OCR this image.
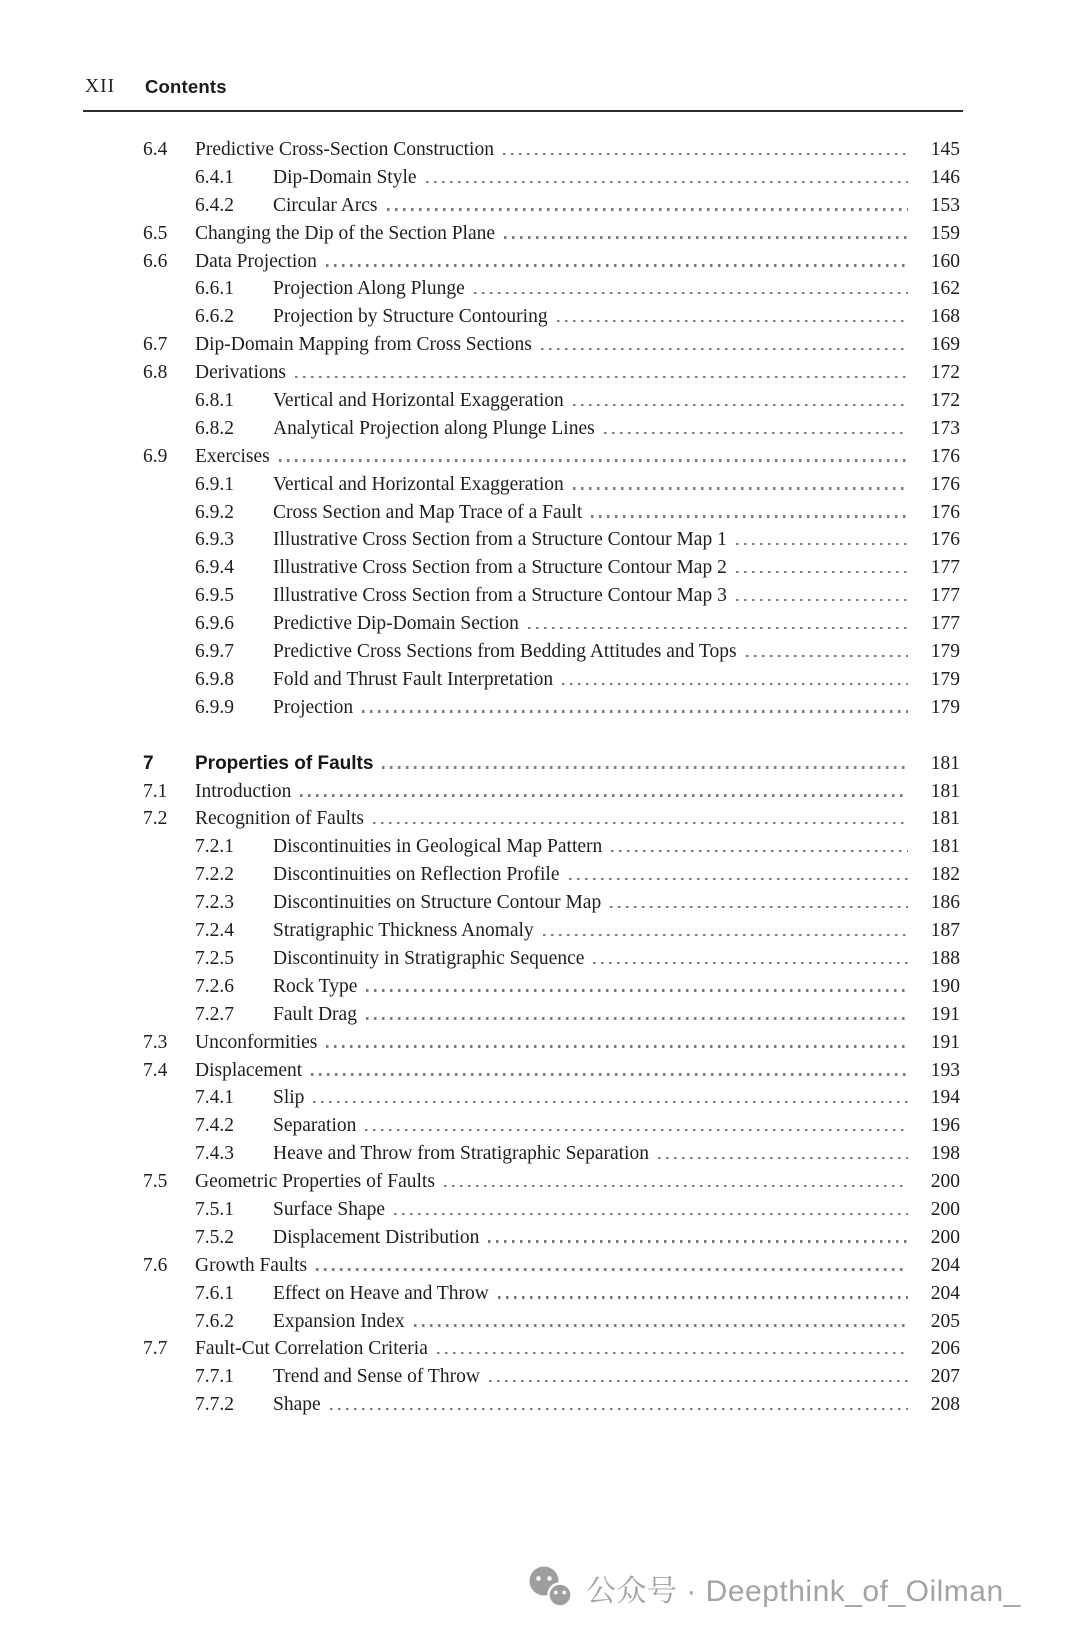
XII Contents
6.4	Predictive Cross-Section Construction	145
6.4.1	Dip-Domain Style	146
6.4.2	Circular Arcs	153
6.5	Changing the Dip of the Section Plane	159
6.6	Data Projection	160
6.6.1	Projection Along Plunge	162
6.6.2	Projection by Structure Contouring	168
6.7	Dip-Domain Mapping from Cross Sections	169
6.8	Derivations	172
6.8.1	Vertical and Horizontal Exaggeration	172
6.8.2	Analytical Projection along Plunge Lines	173
6.9	Exercises	176
6.9.1	Vertical and Horizontal Exaggeration	176
6.9.2	Cross Section and Map Trace of a Fault	176
6.9.3	Illustrative Cross Section from a Structure Contour Map 1	176
6.9.4	Illustrative Cross Section from a Structure Contour Map 2	177
6.9.5	Illustrative Cross Section from a Structure Contour Map 3	177
6.9.6	Predictive Dip-Domain Section	177
6.9.7	Predictive Cross Sections from Bedding Attitudes and Tops	179
6.9.8	Fold and Thrust Fault Interpretation	179
6.9.9	Projection	179
7	Properties of Faults	181
7.1	Introduction	181
7.2	Recognition of Faults	181
7.2.1	Discontinuities in Geological Map Pattern	181
7.2.2	Discontinuities on Reflection Profile	182
7.2.3	Discontinuities on Structure Contour Map	186
7.2.4	Stratigraphic Thickness Anomaly	187
7.2.5	Discontinuity in Stratigraphic Sequence	188
7.2.6	Rock Type	190
7.2.7	Fault Drag	191
7.3	Unconformities	191
7.4	Displacement	193
7.4.1	Slip	194
7.4.2	Separation	196
7.4.3	Heave and Throw from Stratigraphic Separation	198
7.5	Geometric Properties of Faults	200
7.5.1	Surface Shape	200
7.5.2	Displacement Distribution	200
7.6	Growth Faults	204
7.6.1	Effect on Heave and Throw	204
7.6.2	Expansion Index	205
7.7	Fault-Cut Correlation Criteria	206
7.7.1	Trend and Sense of Throw	207
7.7.2	Shape	208
公众号 · Deepthink_of_Oilman_
